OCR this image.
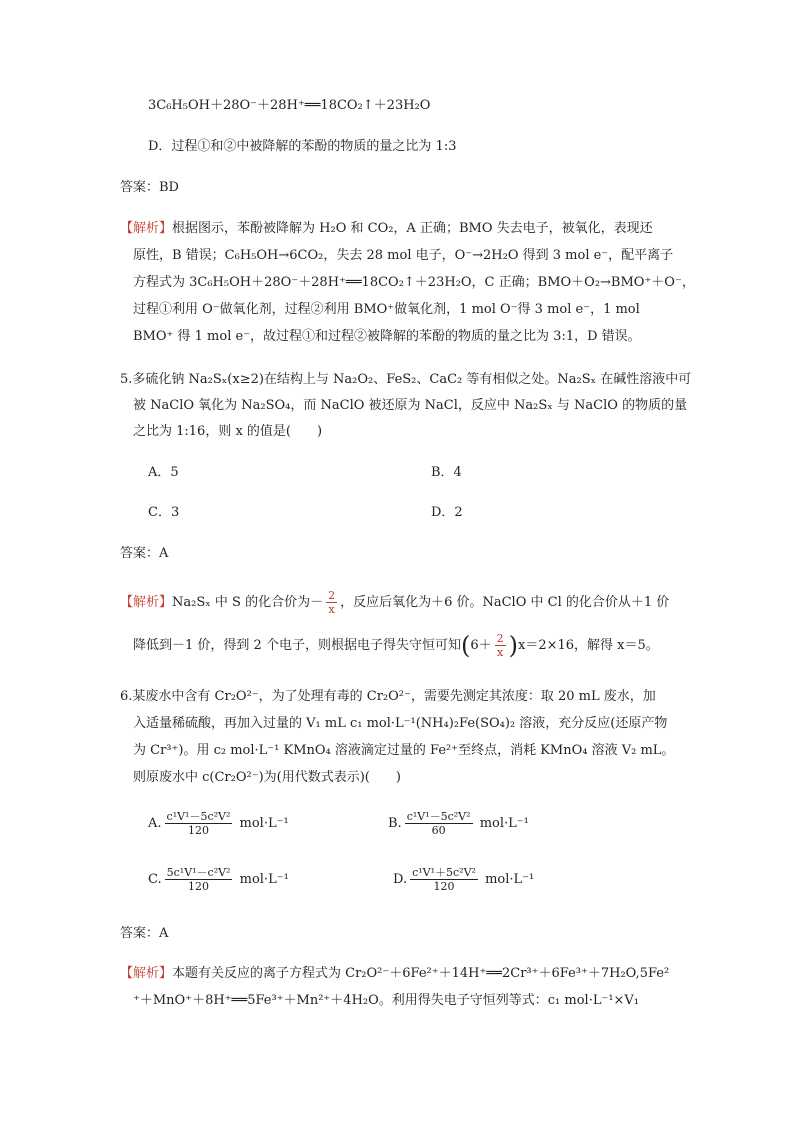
3C₆H₅OH＋28O⁻＋28H⁺══18CO₂↑＋23H₂O
D．过程①和②中被降解的苯酚的物质的量之比为 1:3
答案：BD
【解析】根据图示，苯酚被降解为 H₂O 和 CO₂，A 正确；BMO 失去电子，被氧化，表现还
原性，B 错误；C₆H₅OH→6CO₂，失去 28 mol 电子，O⁻→2H₂O 得到 3 mol e⁻，配平离子
方程式为 3C₆H₅OH＋28O⁻＋28H⁺══18CO₂↑＋23H₂O，C 正确；BMO＋O₂→BMO⁺＋O⁻，
过程①利用 O⁻做氧化剂，过程②利用 BMO⁺做氧化剂，1 mol O⁻得 3 mol e⁻，1 mol
BMO⁺ 得 1 mol e⁻，故过程①和过程②被降解的苯酚的物质的量之比为 3:1，D 错误。
5.多硫化钠 Na₂Sₓ(x≥2)在结构上与 Na₂O₂、FeS₂、CaC₂ 等有相似之处。Na₂Sₓ 在碱性溶液中可
被 NaClO 氧化为 Na₂SO₄，而 NaClO 被还原为 NaCl，反应中 Na₂Sₓ 与 NaClO 的物质的量
之比为 1:16，则 x 的值是(　　)
A．5	B．4
C．3	D．2
答案：A
【解析】Na₂Sₓ 中 S 的化合价为－ $\frac{2}{x}$ ，反应后氧化为＋6 价。NaClO 中 Cl 的化合价从＋1 价
降低到－1 价，得到 2 个电子，则根据电子得失守恒可知$(6+ \frac{2}{x} )x=2\times 16$，解得 x＝5。
6.某废水中含有 Cr₂O²⁻，为了处理有毒的 Cr₂O²⁻，需要先测定其浓度：取 20 mL 废水，加
入适量稀硫酸，再加入过量的 V₁ mL c₁ mol·L⁻¹(NH₄)₂Fe(SO₄)₂ 溶液，充分反应(还原产物
为 Cr³⁺)。用 c₂ mol·L⁻¹ KMnO₄ 溶液滴定过量的 Fe²⁺至终点，消耗 KMnO₄ 溶液 V₂ mL。
则原废水中 c(Cr₂O²⁻)为(用代数式表示)(　　)
A. $\frac{\text{c¹V¹－5c²V²}}{120} mol\cdot L^{-1}$	B. $\frac{\text{c¹V¹－5c²V²}}{60} mol\cdot L^{-1}$
C. $\frac{\text{5c¹V¹－c²V²}}{120} mol\cdot L^{-1}$	D. $\frac{\text{c¹V¹＋5c²V²}}{120} mol\cdot L^{-1}$
答案：A
【解析】本题有关反应的离子方程式为 Cr₂O²⁻＋6Fe²⁺＋14H⁺══2Cr³⁺＋6Fe³⁺＋7H₂O,5Fe²
⁺＋MnO⁺＋8H⁺══5Fe³⁺＋Mn²⁺＋4H₂O。利用得失电子守恒列等式：c₁ mol·L⁻¹×V₁
